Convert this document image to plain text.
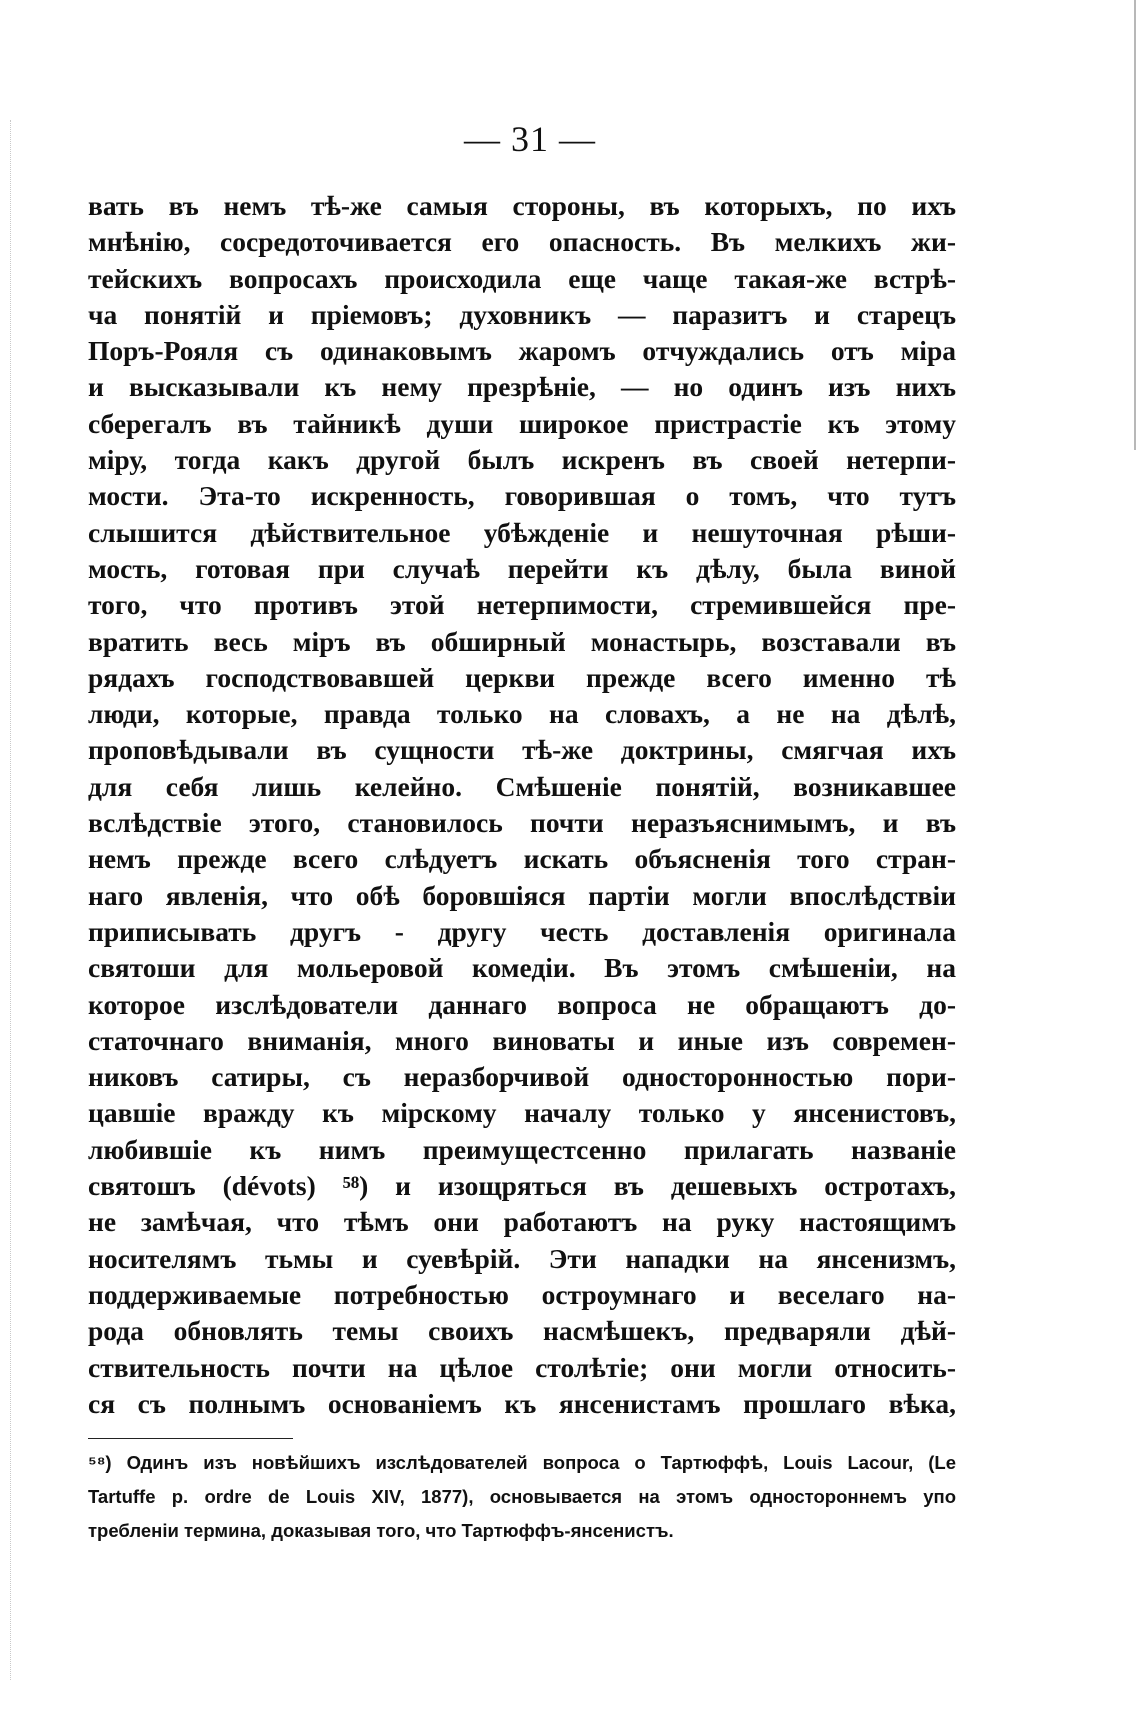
— 31 —
вать въ немъ тѣ-же самыя стороны, въ которыхъ, по ихъ
мнѣнію, сосредоточивается его опасность. Въ мелкихъ жи-
тейскихъ вопросахъ происходила еще чаще такая-же встрѣ-
ча понятій и пріемовъ; духовникъ — паразитъ и старецъ
Поръ-Рояля съ одинаковымъ жаромъ отчуждались отъ міра
и высказывали къ нему презрѣніе, — но одинъ изъ нихъ
сберегалъ въ тайникѣ души широкое пристрастіе къ этому
міру, тогда какъ другой былъ искренъ въ своей нетерпи-
мости. Эта-то искренность, говорившая о томъ, что тутъ
слышится дѣйствительное убѣжденіе и нешуточная рѣши-
мость, готовая при случаѣ перейти къ дѣлу, была виной
того, что противъ этой нетерпимости, стремившейся пре-
вратить весь міръ въ обширный монастырь, возставали въ
рядахъ господствовавшей церкви прежде всего именно тѣ
люди, которые, правда только на словахъ, а не на дѣлѣ,
проповѣдывали въ сущности тѣ-же доктрины, смягчая ихъ
для себя лишь келейно. Смѣшеніе понятій, возникавшее
вслѣдствіе этого, становилось почти неразъяснимымъ, и въ
немъ прежде всего слѣдуетъ искать объясненія того стран-
наго явленія, что обѣ боровшіяся партіи могли впослѣдствіи
приписывать другъ - другу честь доставленія оригинала
святоши для мольеровой комедіи. Въ этомъ смѣшеніи, на
которое изслѣдователи даннаго вопроса не обращаютъ до-
статочнаго вниманія, много виноваты и иные изъ современ-
никовъ сатиры, съ неразборчивой односторонностью пори-
цавшіе вражду къ мірскому началу только у янсенистовъ,
любившіе къ нимъ преимущестсенно прилагать названіе
святошъ (dévots) ⁵⁸) и изощряться въ дешевыхъ остротахъ,
не замѣчая, что тѣмъ они работаютъ на руку настоящимъ
носителямъ тьмы и суевѣрій. Эти нападки на янсенизмъ,
поддерживаемые потребностью остроумнаго и веселаго на-
рода обновлять темы своихъ насмѣшекъ, предваряли дѣй-
ствительность почти на цѣлое столѣтіе; они могли относить-
ся съ полнымъ основаніемъ къ янсенистамъ прошлаго вѣка,
⁵⁸) Одинъ изъ новѣйшихъ изслѣдователей вопроса о Тартюффѣ, Louis Lacour, (Le
Tartuffe p. ordre de Louis XIV, 1877), основывается на этомъ одностороннемъ упо
требленіи термина, доказывая того, что Тартюффъ-янсенистъ.
